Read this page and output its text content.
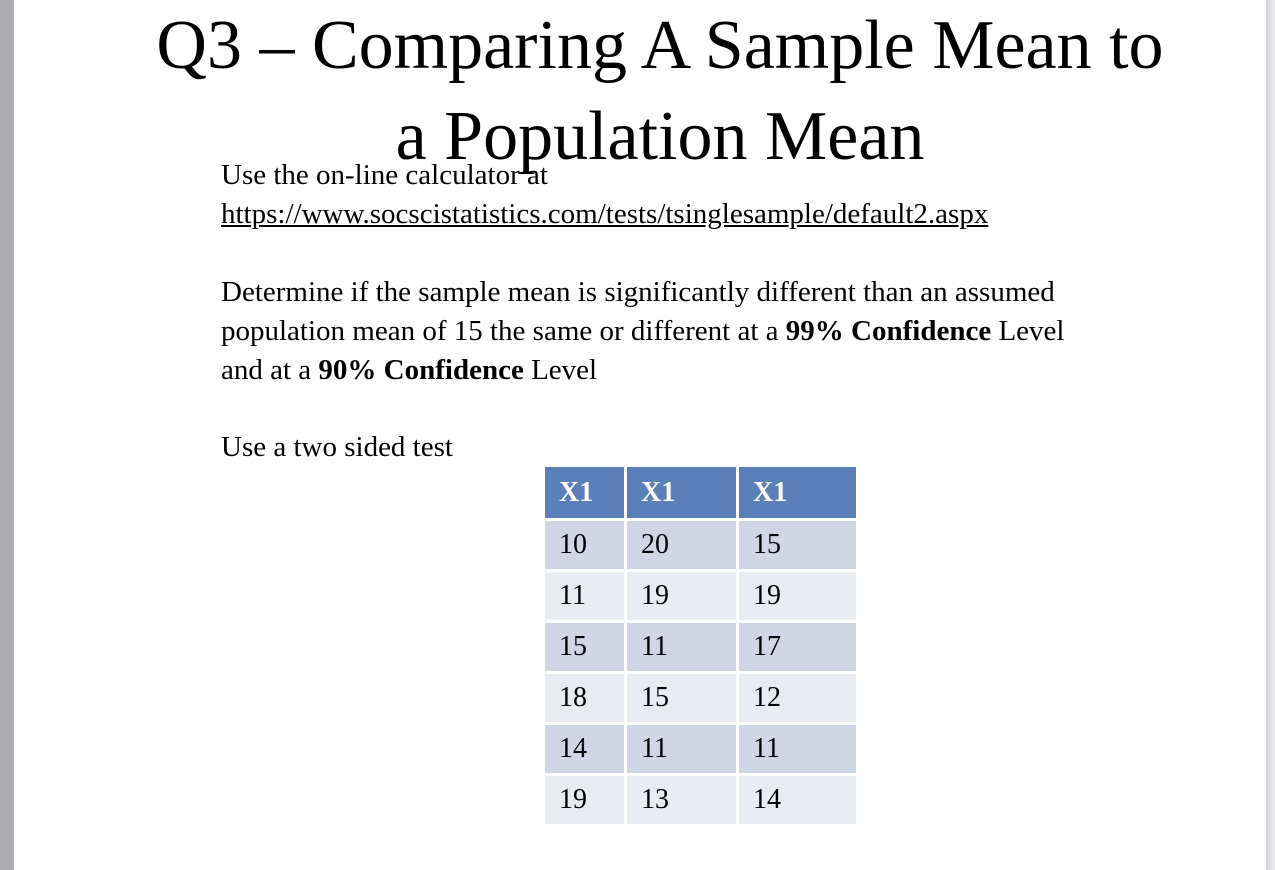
Q3 – Comparing A Sample Mean to
a Population Mean

Use the on-line calculator at

https://www.socscistatistics.com/tests/tsinglesample/default2.aspx

Determine if the sample mean is significantly different than an assumed

population mean of 15 the same or different at a 99% Confidence Level

and at a 90% Confidence Level

Use a two sided test

X1	X1	X1
10	20	15
11	19	19
15	11	17
18	15	12
14	11	11
19	13	14
